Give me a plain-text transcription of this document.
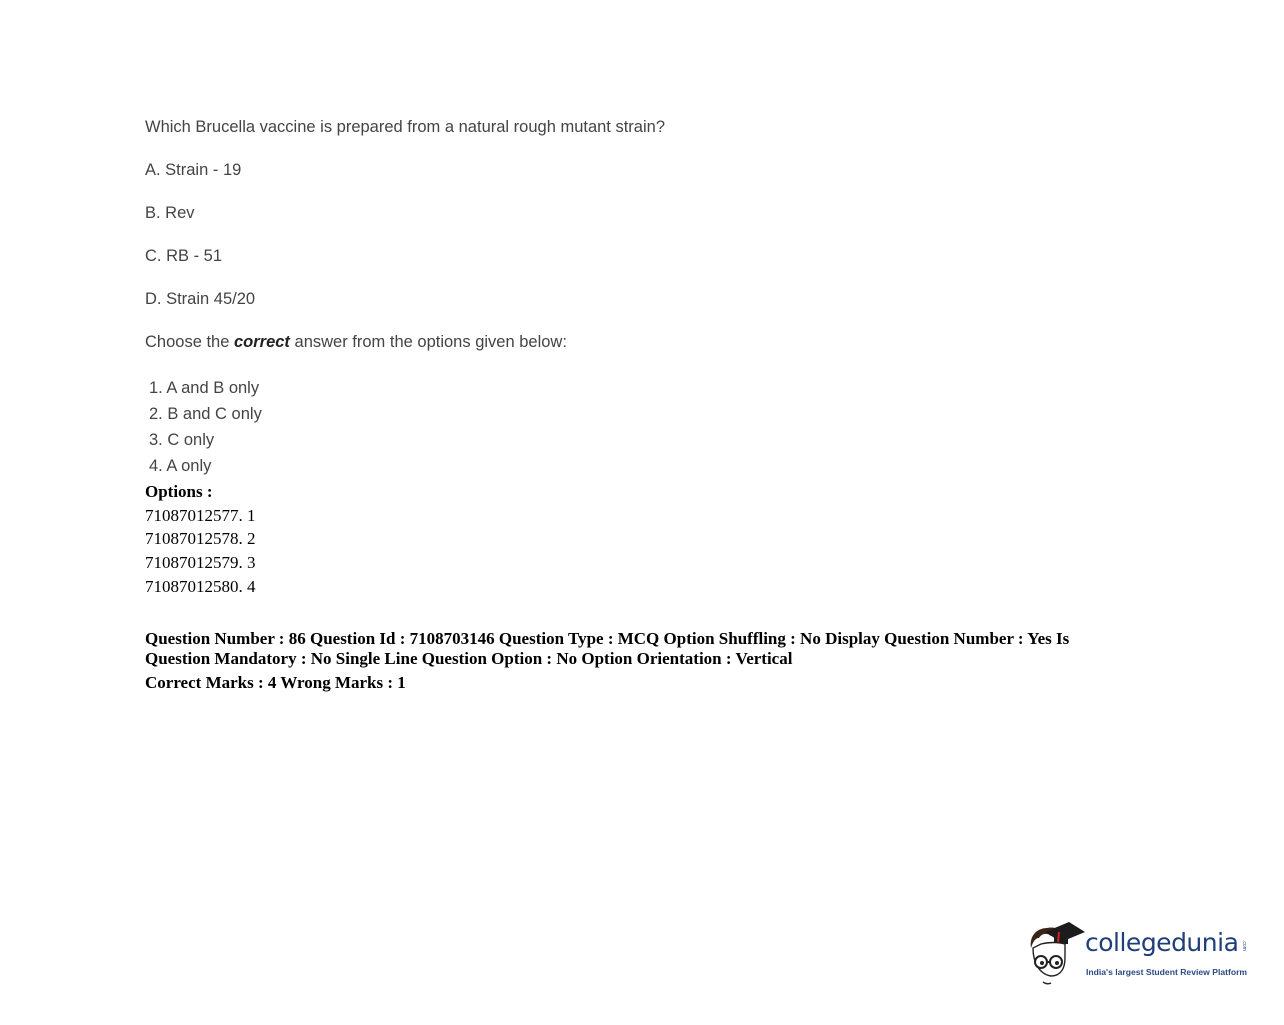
Which Brucella vaccine is prepared from a natural rough mutant strain?
A. Strain - 19
B. Rev
C. RB - 51
D. Strain 45/20
Choose the correct answer from the options given below:
1. A and B only
2. B and C only
3. C only
4. A only
Options :
71087012577. 1
71087012578. 2
71087012579. 3
71087012580. 4
Question Number : 86 Question Id : 7108703146 Question Type : MCQ Option Shuffling : No Display Question Number : Yes Is
Question Mandatory : No Single Line Question Option : No Option Orientation : Vertical
Correct Marks : 4 Wrong Marks : 1
collegedunia .com
India's largest Student Review Platform
